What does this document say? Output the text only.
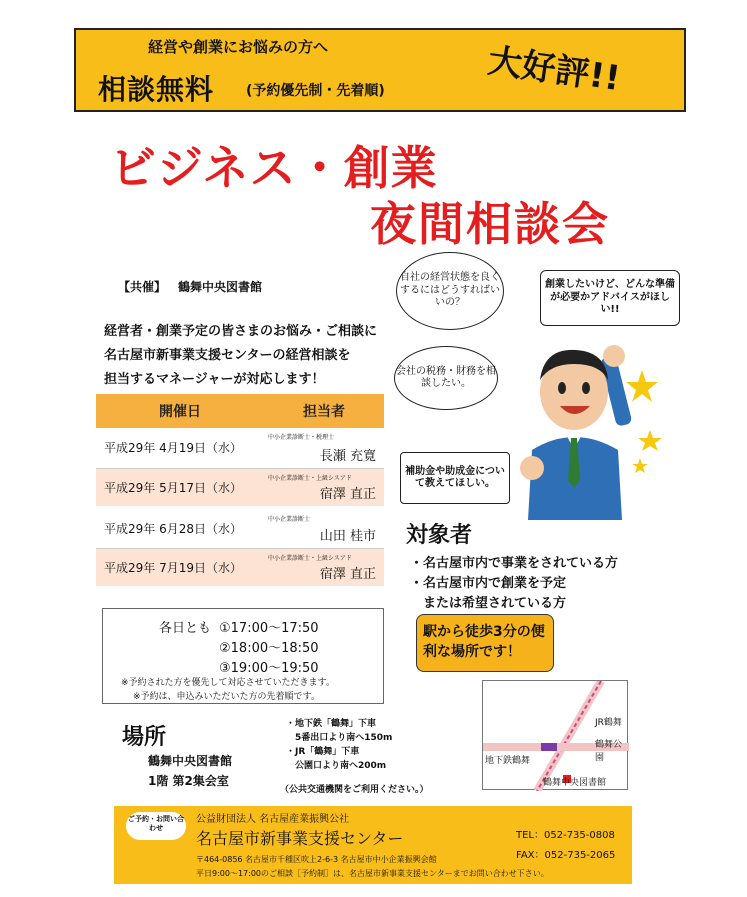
経営や創業にお悩みの方へ
相談無料 (予約優先制・先着順)	大好評!!
ビジネス・創業
夜間相談会
【共催】 鶴舞中央図書館
経営者・創業予定の皆さまのお悩み・ご相談に
名古屋市新事業支援センターの経営相談を
担当するマネージャーが対応します！
開催日	担当者
平成29年 4月19日（水）	中小企業診断士・税理士
長瀬 充寛

平成29年 5月17日（水）	中小企業診断士・上級シスアド
宿澤 直正

平成29年 6月28日（水）	中小企業診断士
山田 桂市

平成29年 7月19日（水）	中小企業診断士・上級シスアド
宿澤 直正
各日とも ①17:00～17:50
②18:00～18:50
③19:00～19:50
※予約された方を優先して対応させていただきます。
※予約は、申込みいただいた方の先着順です。
自社の経営状態を良くするにはどうすればいいの？
会社の税務・財務を相談したい。
創業したいけど、どんな準備が必要かアドバイスがほしい!!
補助金や助成金について教えてほしい。
対象者
・名古屋市内で事業をされている方
・名古屋市内で創業を予定
　または希望されている方
駅から徒歩3分の便利な場所です！
JR鶴舞
鶴舞公園
地下鉄鶴舞
鶴舞中央図書館
場所
鶴舞中央図書館
1階 第2集会室
・地下鉄「鶴舞」下車
　5番出口より南へ150m
・JR「鶴舞」下車
　公園口より南へ200m
（公共交通機関をご利用ください。）
ご予約・お問い合わせ
公益財団法人 名古屋産業振興公社
名古屋市新事業支援センター	TEL：052-735-0808
FAX：052-735-2065
〒464-0856 名古屋市千種区吹上2-6-3 名古屋市中小企業振興会館
平日9:00～17:00のご相談［予約制］は、名古屋市新事業支援センターまでお問い合わせ下さい。
